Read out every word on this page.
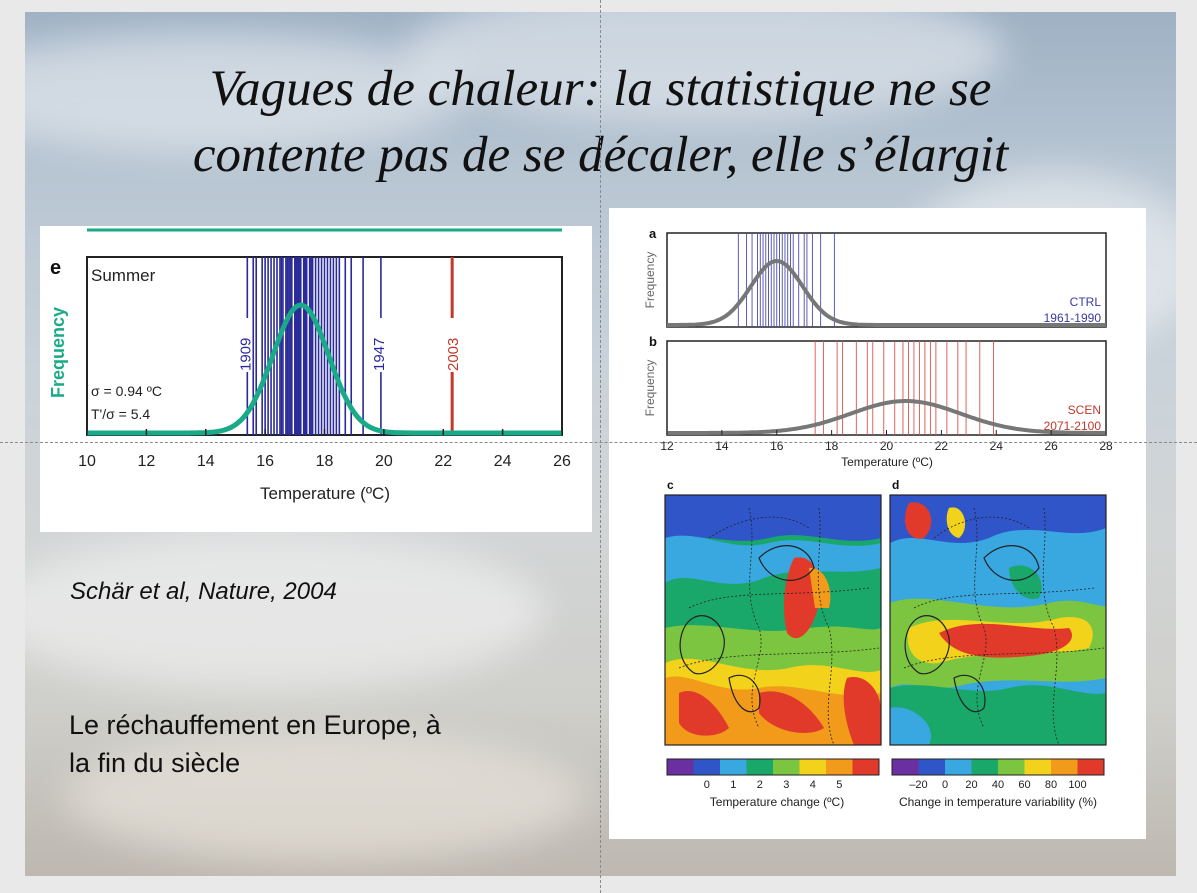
Vagues de chaleur: la statistique ne se
contente pas de se décaler, elle s’élargit
e Summer
Frequency σ = 0.94 ºC
T'/σ = 5.4
1909	1947	2003
10	12	14	16	18	20	22	24	26
Temperature (ºC)
a
b
Frequency
Frequency
CTRL
1961-1990
SCEN
2071-2100
12	14	16	18	20	22	24	26	28
Temperature (ºC)
c	d
0 1 2 3 4 5	–20 0 20 40 60 80 100
Temperature change (ºC)	Change in temperature variability (%)
Schär et al, Nature, 2004
Le réchauffement en Europe, à
la fin du siècle
